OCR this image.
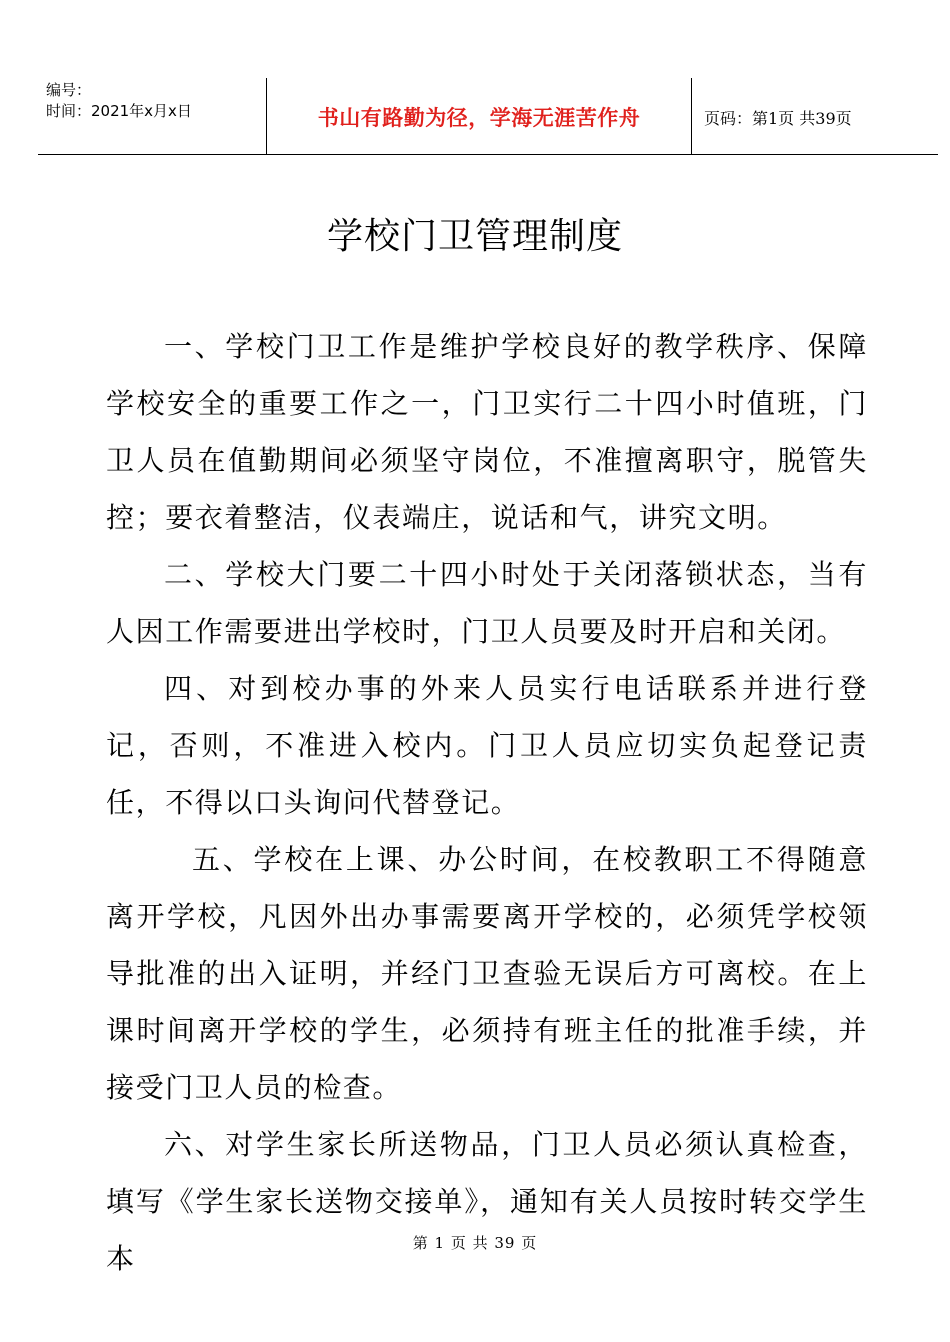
编号：
时间：2021年x月x日	书山有路勤为径，学海无涯苦作舟	页码：第1页 共39页
学校门卫管理制度

一、学校门卫工作是维护学校良好的教学秩序、保障学校安全的重要工作之一，门卫实行二十四小时值班，门卫人员在值勤期间必须坚守岗位，不准擅离职守，脱管失控；要衣着整洁，仪表端庄，说话和气，讲究文明。

二、学校大门要二十四小时处于关闭落锁状态，当有人因工作需要进出学校时，门卫人员要及时开启和关闭。

四、对到校办事的外来人员实行电话联系并进行登记，否则，不准进入校内。门卫人员应切实负起登记责任，不得以口头询问代替登记。

五、学校在上课、办公时间，在校教职工不得随意离开学校，凡因外出办事需要离开学校的，必须凭学校领导批准的出入证明，并经门卫查验无误后方可离校。在上课时间离开学校的学生，必须持有班主任的批准手续，并接受门卫人员的检查。

六、对学生家长所送物品，门卫人员必须认真检查，填写《学生家长送物交接单》，通知有关人员按时转交学生本	第 1 页 共 39 页
